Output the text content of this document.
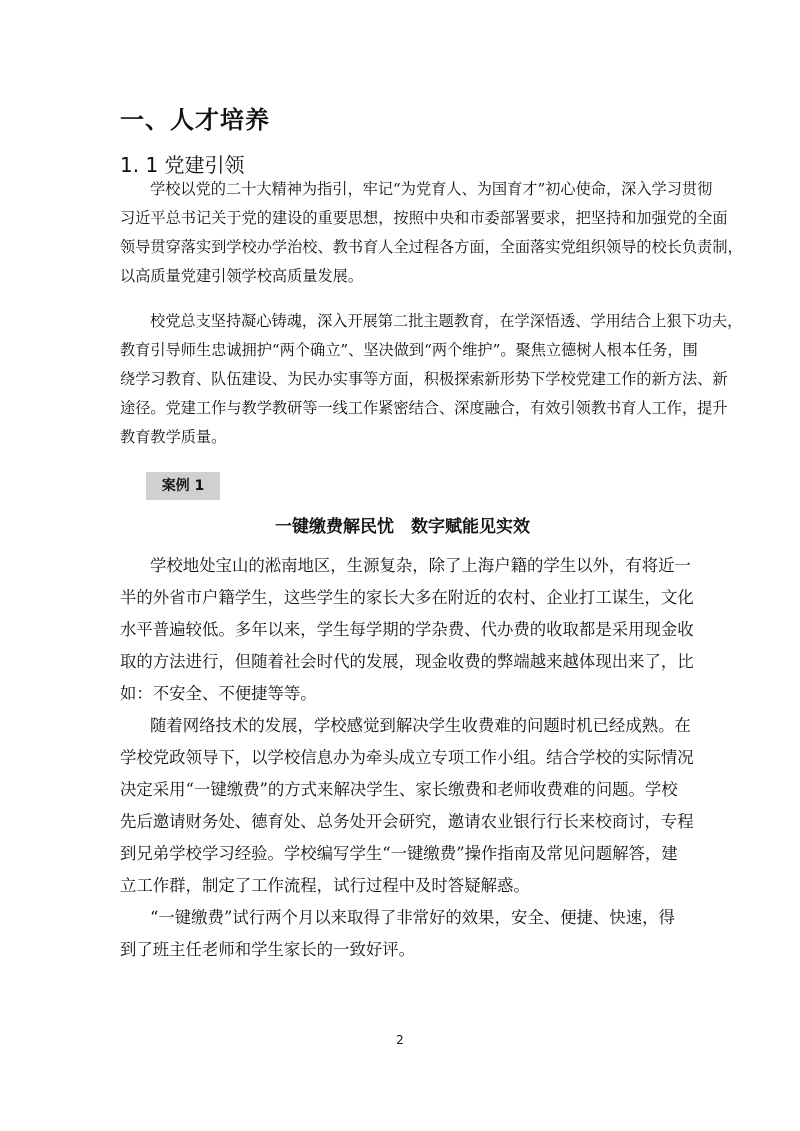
一、人才培养
1. 1 党建引领
学校以党的二十大精神为指引，牢记“为党育人、为国育才”初心使命，深入学习贯彻
习近平总书记关于党的建设的重要思想，按照中央和市委部署要求，把坚持和加强党的全面
领导贯穿落实到学校办学治校、教书育人全过程各方面，全面落实党组织领导的校长负责制，
以高质量党建引领学校高质量发展。
校党总支坚持凝心铸魂，深入开展第二批主题教育，在学深悟透、学用结合上狠下功夫，
教育引导师生忠诚拥护“两个确立”、坚决做到“两个维护”。聚焦立德树人根本任务，围
绕学习教育、队伍建设、为民办实事等方面，积极探索新形势下学校党建工作的新方法、新
途径。党建工作与教学教研等一线工作紧密结合、深度融合，有效引领教书育人工作，提升
教育教学质量。
案例 1
一键缴费解民忧　数字赋能见实效
学校地处宝山的淞南地区，生源复杂，除了上海户籍的学生以外，有将近一
半的外省市户籍学生，这些学生的家长大多在附近的农村、企业打工谋生，文化
水平普遍较低。多年以来，学生每学期的学杂费、代办费的收取都是采用现金收
取的方法进行，但随着社会时代的发展，现金收费的弊端越来越体现出来了，比
如：不安全、不便捷等等。
随着网络技术的发展，学校感觉到解决学生收费难的问题时机已经成熟。在
学校党政领导下，以学校信息办为牵头成立专项工作小组。结合学校的实际情况
决定采用“一键缴费”的方式来解决学生、家长缴费和老师收费难的问题。学校
先后邀请财务处、德育处、总务处开会研究，邀请农业银行行长来校商讨，专程
到兄弟学校学习经验。学校编写学生“一键缴费”操作指南及常见问题解答，建
立工作群，制定了工作流程，试行过程中及时答疑解惑。
“一键缴费”试行两个月以来取得了非常好的效果，安全、便捷、快速，得
到了班主任老师和学生家长的一致好评。
2
